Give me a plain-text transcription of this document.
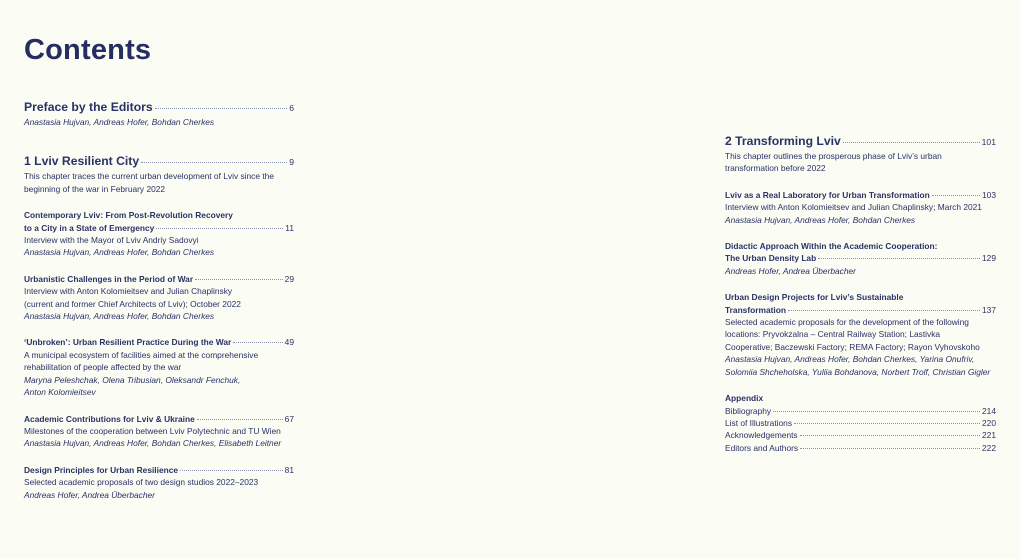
Contents
Preface by the Editors	6
Anastasia Hujvan, Andreas Hofer, Bohdan Cherkes
1 Lviv Resilient City	9
This chapter traces the current urban development of Lviv since the
beginning of the war in February 2022
Contemporary Lviv: From Post-Revolution Recovery
to a City in a State of Emergency	11
Interview with the Mayor of Lviv Andriy Sadovyi
Anastasia Hujvan, Andreas Hofer, Bohdan Cherkes
Urbanistic Challenges in the Period of War	29
Interview with Anton Kolomieitsev and Julian Chaplinsky
(current and former Chief Architects of Lviv); October 2022
Anastasia Hujvan, Andreas Hofer, Bohdan Cherkes
‘Unbroken’: Urban Resilient Practice During the War	49
A municipal ecosystem of facilities aimed at the comprehensive
rehabilitation of people affected by the war
Maryna Peleshchak, Olena Tribusian, Oleksandr Fenchuk,
Anton Kolomieitsev
Academic Contributions for Lviv & Ukraine	67
Milestones of the cooperation between Lviv Polytechnic and TU Wien
Anastasia Hujvan, Andreas Hofer, Bohdan Cherkes, Elisabeth Leitner
Design Principles for Urban Resilience	81
Selected academic proposals of two design studios 2022–2023
Andreas Hofer, Andrea Überbacher
2 Transforming Lviv	101
This chapter outlines the prosperous phase of Lviv’s urban
transformation before 2022
Lviv as a Real Laboratory for Urban Transformation	103
Interview with Anton Kolomieitsev and Julian Chaplinsky; March 2021
Anastasia Hujvan, Andreas Hofer, Bohdan Cherkes
Didactic Approach Within the Academic Cooperation:
The Urban Density Lab	129
Andreas Hofer, Andrea Überbacher
Urban Design Projects for Lviv’s Sustainable
Transformation	137
Selected academic proposals for the development of the following
locations: Pryvokzalna – Central Railway Station; Lastivka
Cooperative; Baczewski Factory; REMA Factory; Rayon Vyhovskoho
Anastasia Hujvan, Andreas Hofer, Bohdan Cherkes, Yarina Onufriv,
Solomiia Shcheholska, Yuliia Bohdanova, Norbert Trolf, Christian Gigler
Appendix
Bibliography	214
List of Illustrations	220
Acknowledgements	221
Editors and Authors	222
